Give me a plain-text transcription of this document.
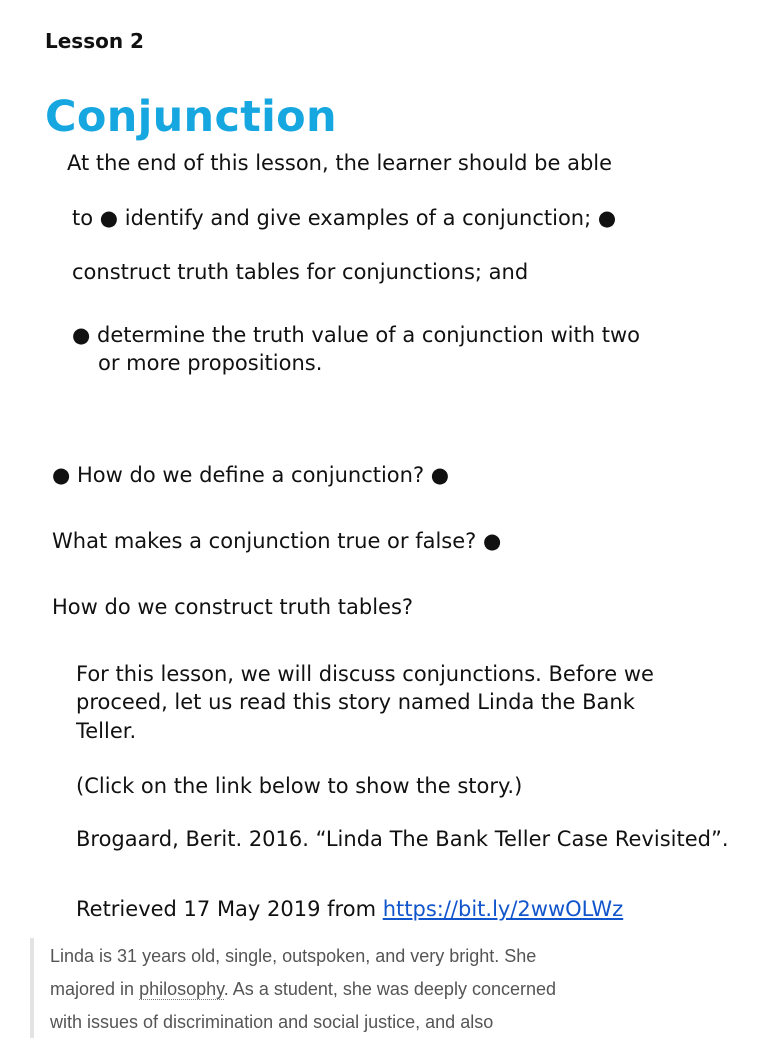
Lesson 2
Conjunction
At the end of this lesson, the learner should be able
to ● identify and give examples of a conjunction; ●
construct truth tables for conjunctions; and
● determine the truth value of a conjunction with two
or more propositions.
● How do we define a conjunction? ●
What makes a conjunction true or false? ●
How do we construct truth tables?
For this lesson, we will discuss conjunctions. Before we
proceed, let us read this story named Linda the Bank
Teller.
(Click on the link below to show the story.)
Brogaard, Berit. 2016. “Linda The Bank Teller Case Revisited”.
Retrieved 17 May 2019 from https://bit.ly/2wwOLWz
Linda is 31 years old, single, outspoken, and very bright. She
majored in philosophy. As a student, she was deeply concerned
with issues of discrimination and social justice, and also
